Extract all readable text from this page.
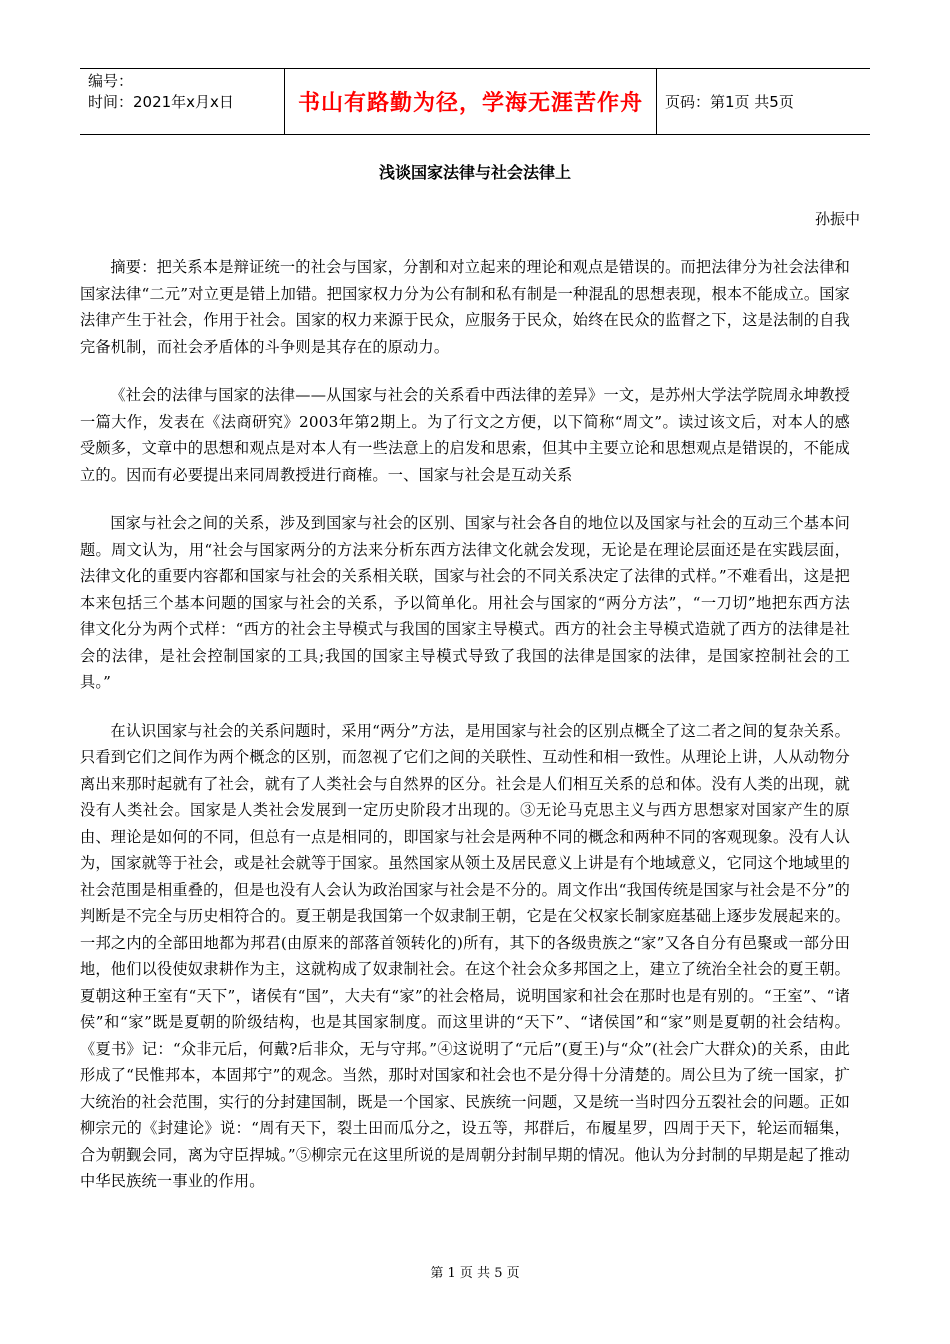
编号：
时间：2021年x月x日	书山有路勤为径，学海无涯苦作舟	页码：第1页 共5页
浅谈国家法律与社会法律上
孙振中

摘要：把关系本是辩证统一的社会与国家，分割和对立起来的理论和观点是错误的。而把法律分为社会法律和国家法律“二元”对立更是错上加错。把国家权力分为公有制和私有制是一种混乱的思想表现，根本不能成立。国家法律产生于社会，作用于社会。国家的权力来源于民众，应服务于民众，始终在民众的监督之下，这是法制的自我完备机制，而社会矛盾体的斗争则是其存在的原动力。

《社会的法律与国家的法律——从国家与社会的关系看中西法律的差异》一文，是苏州大学法学院周永坤教授一篇大作，发表在《法商研究》2003年第2期上。为了行文之方便，以下简称“周文”。读过该文后，对本人的感受颇多，文章中的思想和观点是对本人有一些法意上的启发和思索，但其中主要立论和思想观点是错误的，不能成立的。因而有必要提出来同周教授进行商榷。一、国家与社会是互动关系

国家与社会之间的关系，涉及到国家与社会的区别、国家与社会各自的地位以及国家与社会的互动三个基本问题。周文认为，用“社会与国家两分的方法来分析东西方法律文化就会发现，无论是在理论层面还是在实践层面，法律文化的重要内容都和国家与社会的关系相关联，国家与社会的不同关系决定了法律的式样。”不难看出，这是把本来包括三个基本问题的国家与社会的关系，予以简单化。用社会与国家的“两分方法”，“一刀切”地把东西方法律文化分为两个式样：“西方的社会主导模式与我国的国家主导模式。西方的社会主导模式造就了西方的法律是社会的法律，是社会控制国家的工具;我国的国家主导模式导致了我国的法律是国家的法律，是国家控制社会的工具。”

在认识国家与社会的关系问题时，采用“两分”方法，是用国家与社会的区别点概全了这二者之间的复杂关系。只看到它们之间作为两个概念的区别，而忽视了它们之间的关联性、互动性和相一致性。从理论上讲，人从动物分离出来那时起就有了社会，就有了人类社会与自然界的区分。社会是人们相互关系的总和体。没有人类的出现，就没有人类社会。国家是人类社会发展到一定历史阶段才出现的。③无论马克思主义与西方思想家对国家产生的原由、理论是如何的不同，但总有一点是相同的，即国家与社会是两种不同的概念和两种不同的客观现象。没有人认为，国家就等于社会，或是社会就等于国家。虽然国家从领土及居民意义上讲是有个地域意义，它同这个地域里的社会范围是相重叠的，但是也没有人会认为政治国家与社会是不分的。周文作出“我国传统是国家与社会是不分”的判断是不完全与历史相符合的。夏王朝是我国第一个奴隶制王朝，它是在父权家长制家庭基础上逐步发展起来的。一邦之内的全部田地都为邦君(由原来的部落首领转化的)所有，其下的各级贵族之“家”又各自分有邑聚或一部分田地，他们以役使奴隶耕作为主，这就构成了奴隶制社会。在这个社会众多邦国之上，建立了统治全社会的夏王朝。夏朝这种王室有“天下”，诸侯有“国”，大夫有“家”的社会格局，说明国家和社会在那时也是有别的。“王室”、“诸侯”和“家”既是夏朝的阶级结构，也是其国家制度。而这里讲的“天下”、“诸侯国”和“家”则是夏朝的社会结构。《夏书》记：“众非元后，何戴?后非众，无与守邦。”④这说明了“元后”(夏王)与“众”(社会广大群众)的关系，由此形成了“民惟邦本，本固邦宁”的观念。当然，那时对国家和社会也不是分得十分清楚的。周公旦为了统一国家，扩大统治的社会范围，实行的分封建国制，既是一个国家、民族统一问题，又是统一当时四分五裂社会的问题。正如柳宗元的《封建论》说：“周有天下，裂土田而瓜分之，设五等，邦群后，布履星罗，四周于天下，轮运而辐集，合为朝觐会同，离为守臣捍城。”⑤柳宗元在这里所说的是周朝分封制早期的情况。他认为分封制的早期是起了推动中华民族统一事业的作用。

第 1 页 共 5 页
